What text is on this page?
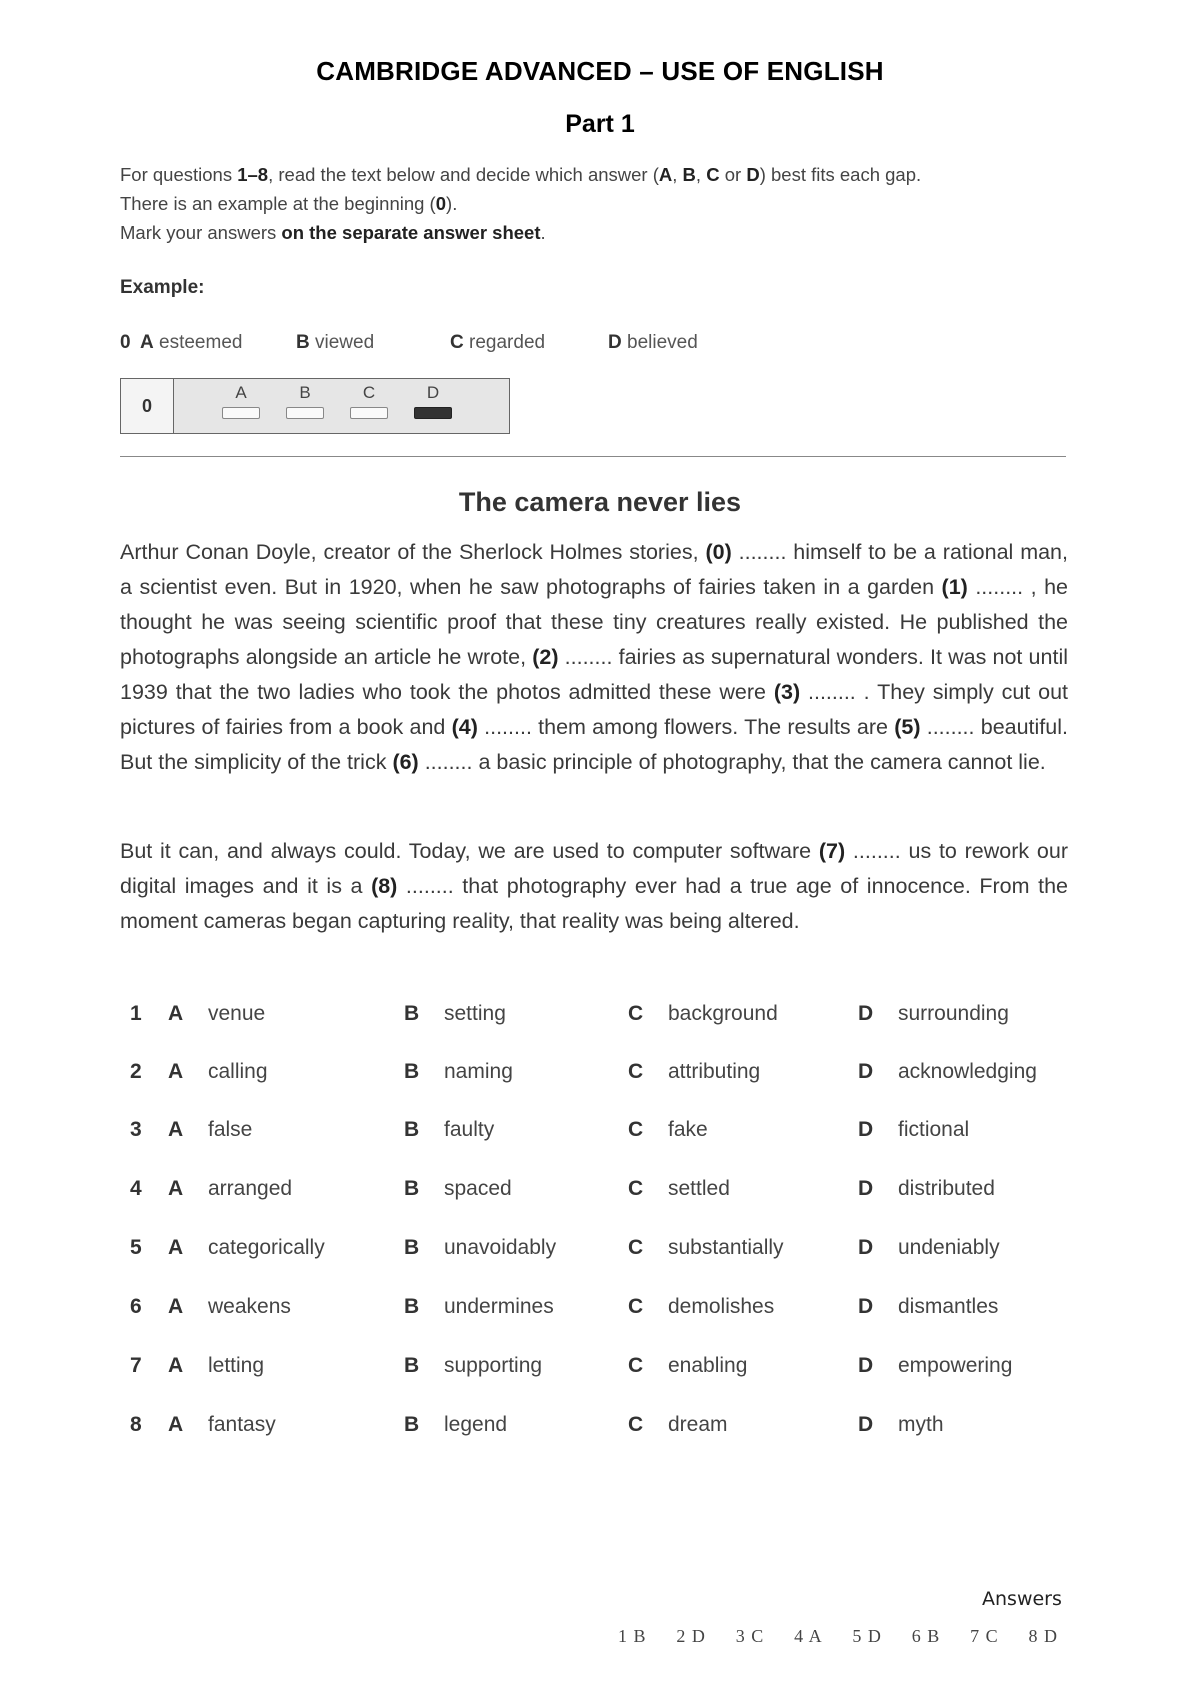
CAMBRIDGE ADVANCED – USE OF ENGLISH
Part 1

For questions 1–8, read the text below and decide which answer (A, B, C or D) best fits each gap.

There is an example at the beginning (0).

Mark your answers on the separate answer sheet.

Example:
0 A esteemed	B viewed	C regarded	D believed
0
A	B	C	D
The camera never lies

Arthur Conan Doyle, creator of the Sherlock Holmes stories, (0) ........ himself to be a rational man, a scientist even. But in 1920, when he saw photographs of fairies taken in a garden (1) ........ , he thought he was seeing scientific proof that these tiny creatures really existed. He published the photographs alongside an article he wrote, (2) ........ fairies as supernatural wonders. It was not until 1939 that the two ladies who took the photos admitted these were (3) ........ . They simply cut out pictures of fairies from a book and (4) ........ them among flowers. The results are (5) ........ beautiful. But the simplicity of the trick (6) ........ a basic principle of photography, that the camera cannot lie.

But it can, and always could. Today, we are used to computer software (7) ........ us to rework our digital images and it is a (8) ........ that photography ever had a true age of innocence. From the moment cameras began capturing reality, that reality was being altered.

1 A venue	B setting	C background	D surrounding
2 A calling	B naming	C attributing	D acknowledging
3 A false	B faulty	C fake	D fictional
4 A arranged	B spaced	C settled	D distributed
5 A categorically	B unavoidably	C substantially	D undeniably
6 A weakens	B undermines	C demolishes	D dismantles
7 A letting	B supporting	C enabling	D empowering
8 A fantasy	B legend	C dream	D myth
Answers
1 B 2 D 3 C 4 A 5 D 6 B 7 C 8 D
